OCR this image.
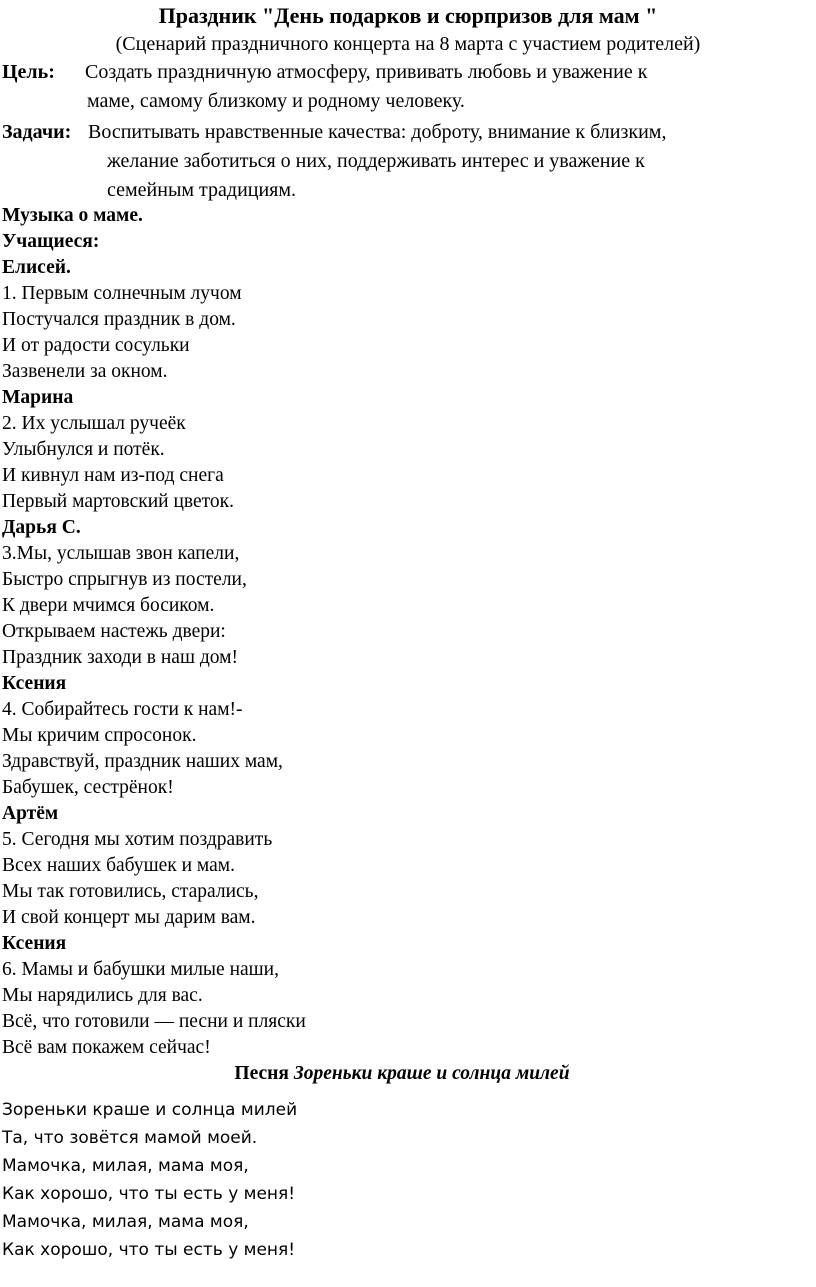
Праздник "День подарков и сюрпризов для мам "
(Сценарий праздничного концерта на 8 марта с участием родителей)
Цель: Создать праздничную атмосферу, прививать любовь и уважение к
маме, самому близкому и родному человеку.
Задачи: Воспитывать нравственные качества: доброту, внимание к близким,
желание заботиться о них, поддерживать интерес и уважение к
семейным традициям.
Музыка о маме.
Учащиеся:
Елисей.
1. Первым солнечным лучом
Постучался праздник в дом.
И от радости сосульки
Зазвенели за окном.
Марина
2. Их услышал ручеёк
Улыбнулся и потёк.
И кивнул нам из-под снега
Первый мартовский цветок.
Дарья С.
3.Мы, услышав звон капели,
Быстро спрыгнув из постели,
К двери мчимся босиком.
Открываем настежь двери:
Праздник заходи в наш дом!
Ксения
4. Собирайтесь гости к нам!-
Мы кричим спросонок.
Здравствуй, праздник наших мам,
Бабушек, сестрёнок!
Артём
5. Сегодня мы хотим поздравить
Всех наших бабушек и мам.
Мы так готовились, старались,
И свой концерт мы дарим вам.
Ксения
6. Мамы и бабушки милые наши,
Мы нарядились для вас.
Всё, что готовили — песни и пляски
Всё вам покажем сейчас!
Песня Зореньки краше и солнца милей
Зореньки краше и солнца милей
Та, что зовётся мамой моей.
Мамочка, милая, мама моя,
Как хорошо, что ты есть у меня!
Мамочка, милая, мама моя,
Как хорошо, что ты есть у меня!
